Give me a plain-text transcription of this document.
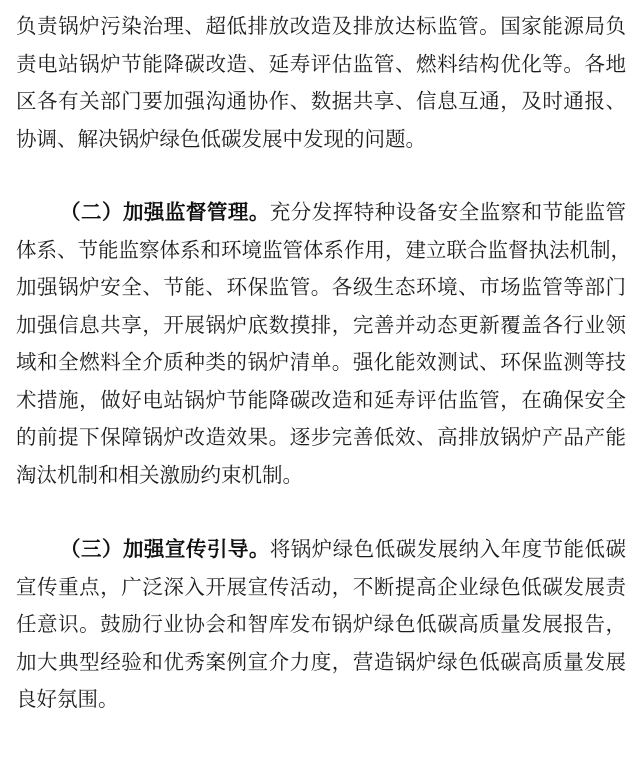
负责锅炉污染治理、超低排放改造及排放达标监管。国家能源局负
责电站锅炉节能降碳改造、延寿评估监管、燃料结构优化等。各地
区各有关部门要加强沟通协作、数据共享、信息互通，及时通报、
协调、解决锅炉绿色低碳发展中发现的问题。
（二）加强监督管理。充分发挥特种设备安全监察和节能监管
体系、节能监察体系和环境监管体系作用，建立联合监督执法机制，
加强锅炉安全、节能、环保监管。各级生态环境、市场监管等部门
加强信息共享，开展锅炉底数摸排，完善并动态更新覆盖各行业领
域和全燃料全介质种类的锅炉清单。强化能效测试、环保监测等技
术措施，做好电站锅炉节能降碳改造和延寿评估监管，在确保安全
的前提下保障锅炉改造效果。逐步完善低效、高排放锅炉产品产能
淘汰机制和相关激励约束机制。
（三）加强宣传引导。将锅炉绿色低碳发展纳入年度节能低碳
宣传重点，广泛深入开展宣传活动，不断提高企业绿色低碳发展责
任意识。鼓励行业协会和智库发布锅炉绿色低碳高质量发展报告，
加大典型经验和优秀案例宣介力度，营造锅炉绿色低碳高质量发展
良好氛围。
